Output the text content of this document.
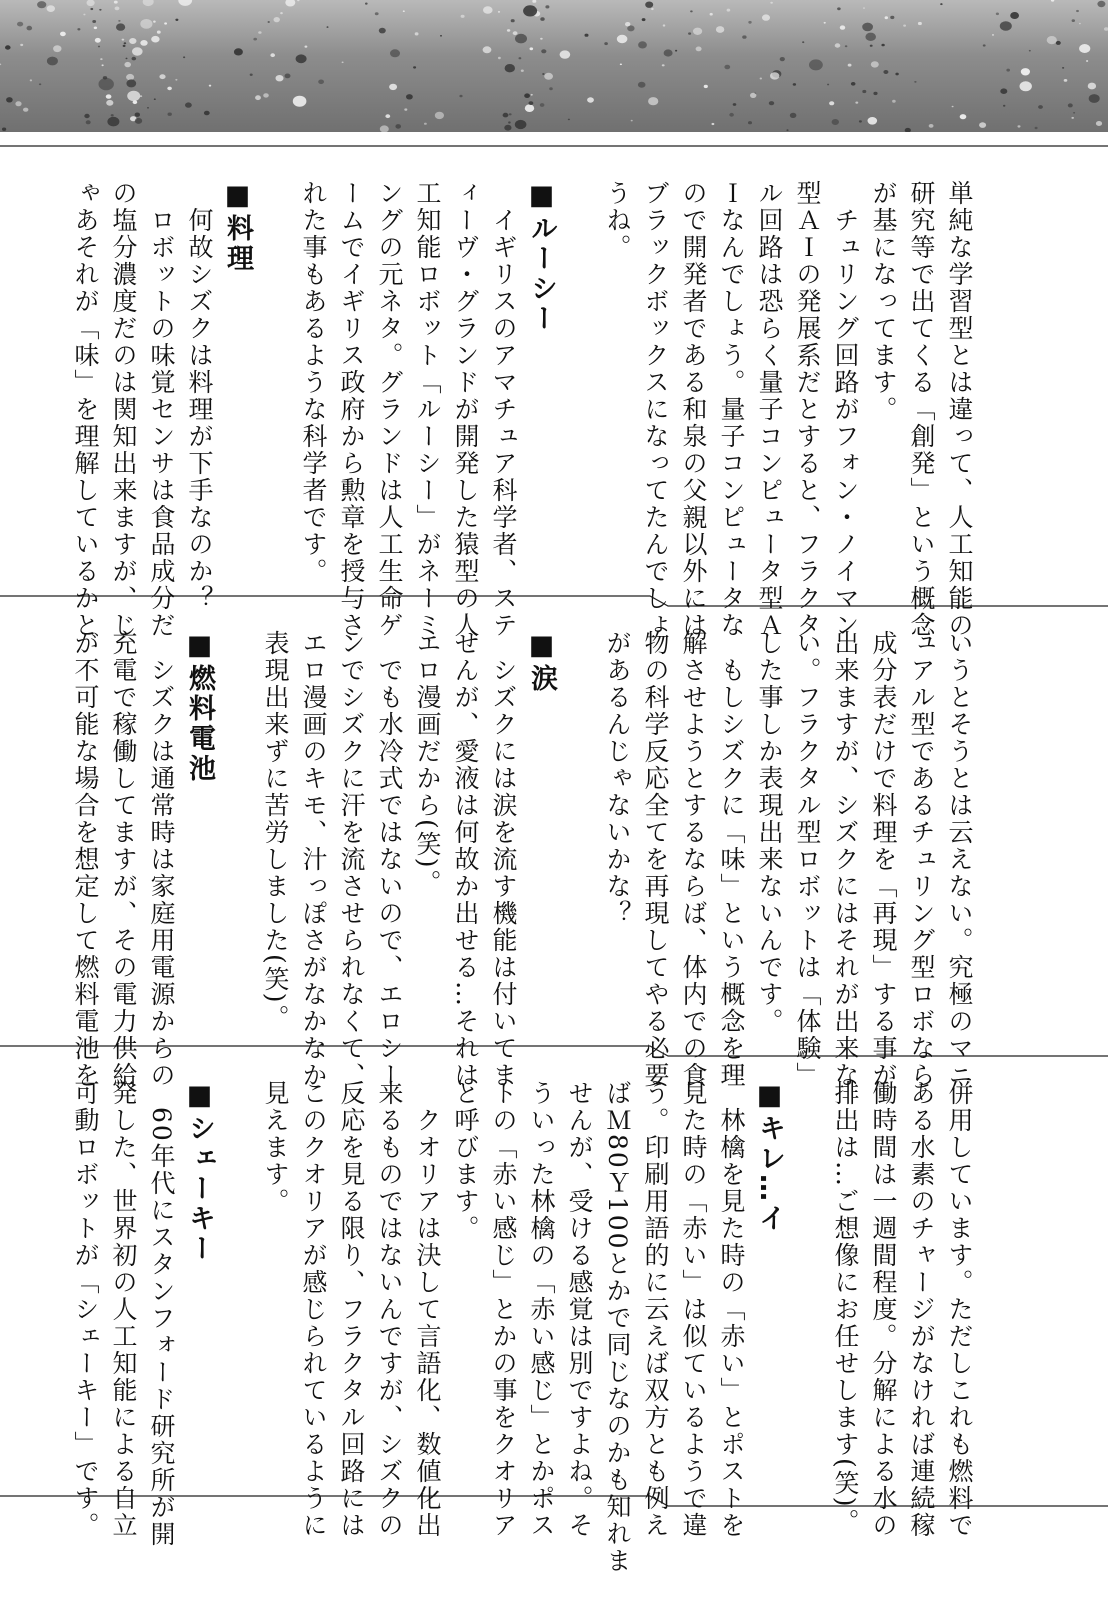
単純な学習型とは違って、人工知能の
研究等で出てくる「創発」という概念
が基になってます。
　チュリング回路がフォン・ノイマン
型ＡＩの発展系だとすると、フラクタ
ル回路は恐らく量子コンピュータ型Ａ
Ｉなんでしょう。量子コンピュータな
ので開発者である和泉の父親以外には
ブラックボックスになってたんでしょ
うね。
■ルーシー
　イギリスのアマチュア科学者、ステ
ィーヴ・グランドが開発した猿型の人
工知能ロボット「ルーシー」がネーミ
ングの元ネタ。グランドは人工生命ゲ
ームでイギリス政府から勲章を授与さ
れた事もあるような科学者です。
■料理
　何故シズクは料理が下手なのか？
　ロボットの味覚センサは食品成分だ
の塩分濃度だのは関知出来ますが、じ
ゃあそれが「味」を理解しているかと
いうとそうとは云えない。究極のマニ
ュアル型であるチュリング型ロボなら
成分表だけで料理を「再現」する事が
出来ますが、シズクにはそれが出来な
い。フラクタル型ロボットは「体験」
した事しか表現出来ないんです。
　もしシズクに「味」という概念を理
解させようとするならば、体内での食
物の科学反応全てを再現してやる必要
があるんじゃないかな？
■涙
　シズクには涙を流す機能は付いてま
せんが、愛液は何故か出せる…それは
エロ漫画だから(笑)。
　でも水冷式ではないので、エロシー
ンでシズクに汗を流させられなくて、
エロ漫画のキモ、汁っぽさがなかなか
表現出来ずに苦労しました(笑)。
■燃料電池
　シズクは通常時は家庭用電源からの
充電で稼働してますが、その電力供給
が不可能な場合を想定して燃料電池を
併用しています。ただしこれも燃料で
ある水素のチャージがなければ連続稼
働時間は一週間程度。分解による水の
排出は…ご想像にお任せします(笑)。
■キレ…イ
　林檎を見た時の「赤い」とポストを
見た時の「赤い」は似ているようで違
う。印刷用語的に云えば双方とも例え
ばＭ80Ｙ100とかで同じなのかも知れま
せんが、受ける感覚は別ですよね。そ
ういった林檎の「赤い感じ」とかポス
トの「赤い感じ」とかの事をクオリア
と呼びます。
　クオリアは決して言語化、数値化出
来るものではないんですが、シズクの
反応を見る限り、フラクタル回路には
このクオリアが感じられているように
見えます。
■シェーキー
　60年代にスタンフォード研究所が開
発した、世界初の人工知能による自立
可動ロボットが「シェーキー」です。
